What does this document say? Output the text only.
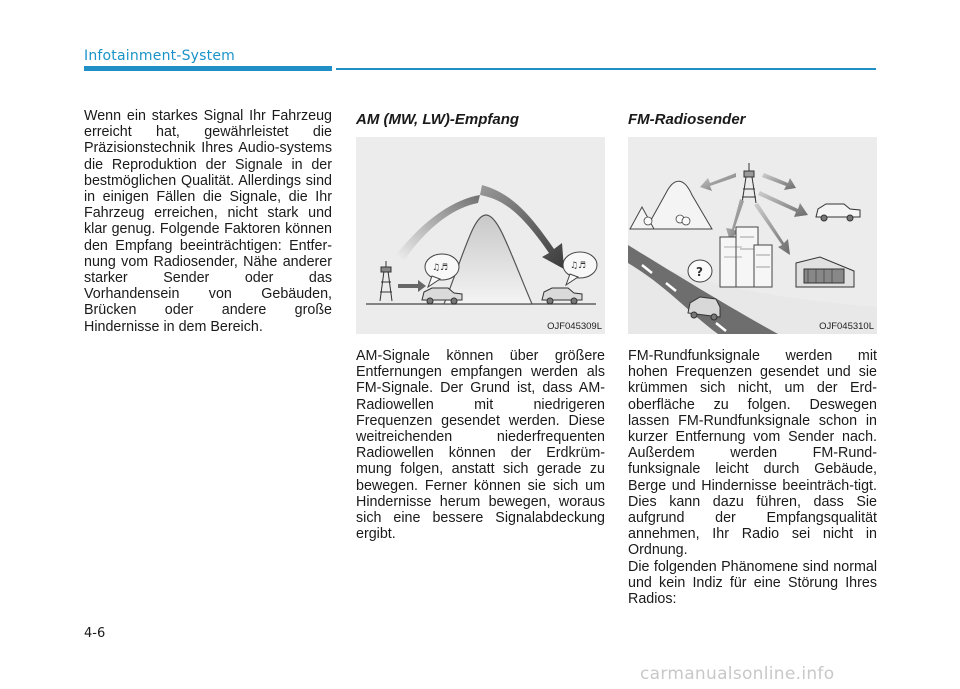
Infotainment-System

Wenn ein starkes Signal Ihr Fahrzeug erreicht hat, gewährleistet die Präzisionstechnik Ihres Audio-systems die Reproduktion der Signale in der bestmöglichen Qualität. Allerdings sind in einigen Fällen die Signale, die Ihr Fahrzeug erreichen, nicht stark und klar genug. Folgende Faktoren können den Empfang beeinträchtigen: Entfer-nung vom Radiosender, Nähe anderer starker Sender oder das Vorhandensein von Gebäuden, Brücken oder andere große Hindernisse in dem Bereich.

AM (MW, LW)-Empfang	FM-Radiosender
♫♬	♫♬
OJF045309L
?
OJF045310L

AM-Signale können über größere Entfernungen empfangen werden als FM-Signale. Der Grund ist, dass AM-Radiowellen mit niedrigeren Frequenzen gesendet werden. Diese weitreichenden niederfrequenten Radiowellen können der Erdkrüm-mung folgen, anstatt sich gerade zu bewegen. Ferner können sie sich um Hindernisse herum bewegen, woraus sich eine bessere Signalabdeckung ergibt.

FM-Rundfunksignale werden mit hohen Frequenzen gesendet und sie krümmen sich nicht, um der Erd-oberfläche zu folgen. Deswegen lassen FM-Rundfunksignale schon in kurzer Entfernung vom Sender nach. Außerdem werden FM-Rund-funksignale leicht durch Gebäude, Berge und Hindernisse beeinträch-tigt. Dies kann dazu führen, dass Sie aufgrund der Empfangsqualität annehmen, Ihr Radio sei nicht in Ordnung.

Die folgenden Phänomene sind normal und kein Indiz für eine Störung Ihres Radios:

4-6
carmanualsonline.info
